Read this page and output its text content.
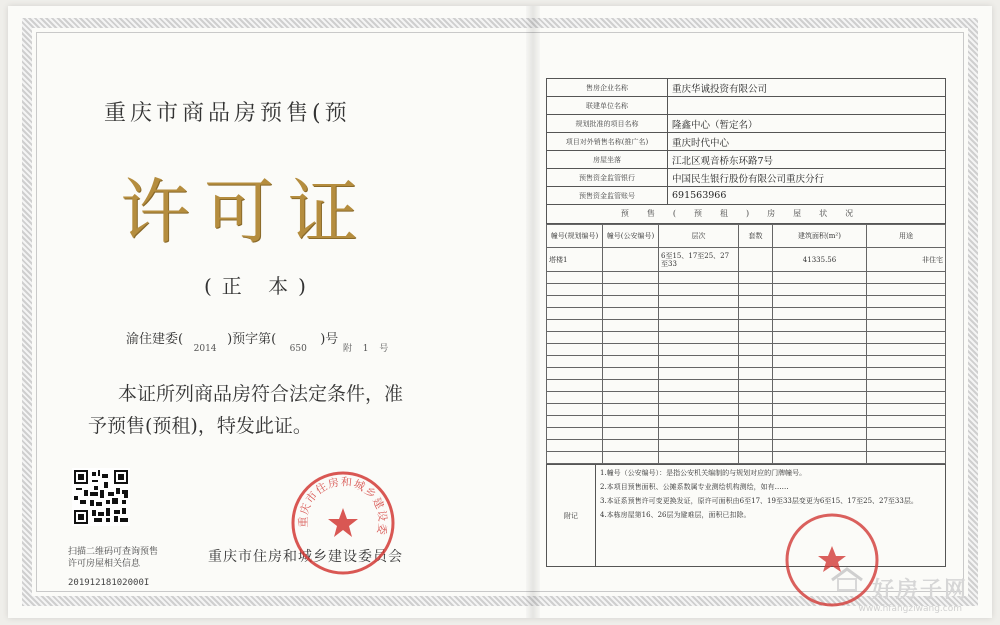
重庆市商品房预售(预
许可证
(正 本)
渝住建委(2014)预字第(650)号 附 1 号

本证所列商品房符合法定条件，准

予预售(预租)，特发此证。

扫描二维码可查询预售许可房屋相关信息
20191218102000I
重庆市住房和城乡建设委员会
重庆市住房和城乡建设委
售房企业名称	重庆华诚投资有限公司
联建单位名称	
规划批准的项目名称	隆鑫中心（暂定名）
项目对外销售名称(推广名)	重庆时代中心
房屋坐落	江北区观音桥东环路7号
预售资金监管银行	中国民生银行股份有限公司重庆分行
预售资金监管账号	691563966
预售(预租)房屋状况
幢号(规划编号)	幢号(公安编号)	层次	套数	建筑面积(m²)	用途
塔楼1		6至15、17至25、27至33		41335.56	非住宅

附记	

1.幢号（公安编号）：是指公安机关编制的与规划对应的门牌幢号。

2.本项目预售面积、公摊系数属专业测绘机构测绘，如有……

3.本证系预售许可变更换发证，原许可面积由6至17、19至33层变更为6至15、17至25、27至33层。

4.本栋房屋第16、26层为避难层，面积已扣除。

好房子网
www.hfangziwang.com
